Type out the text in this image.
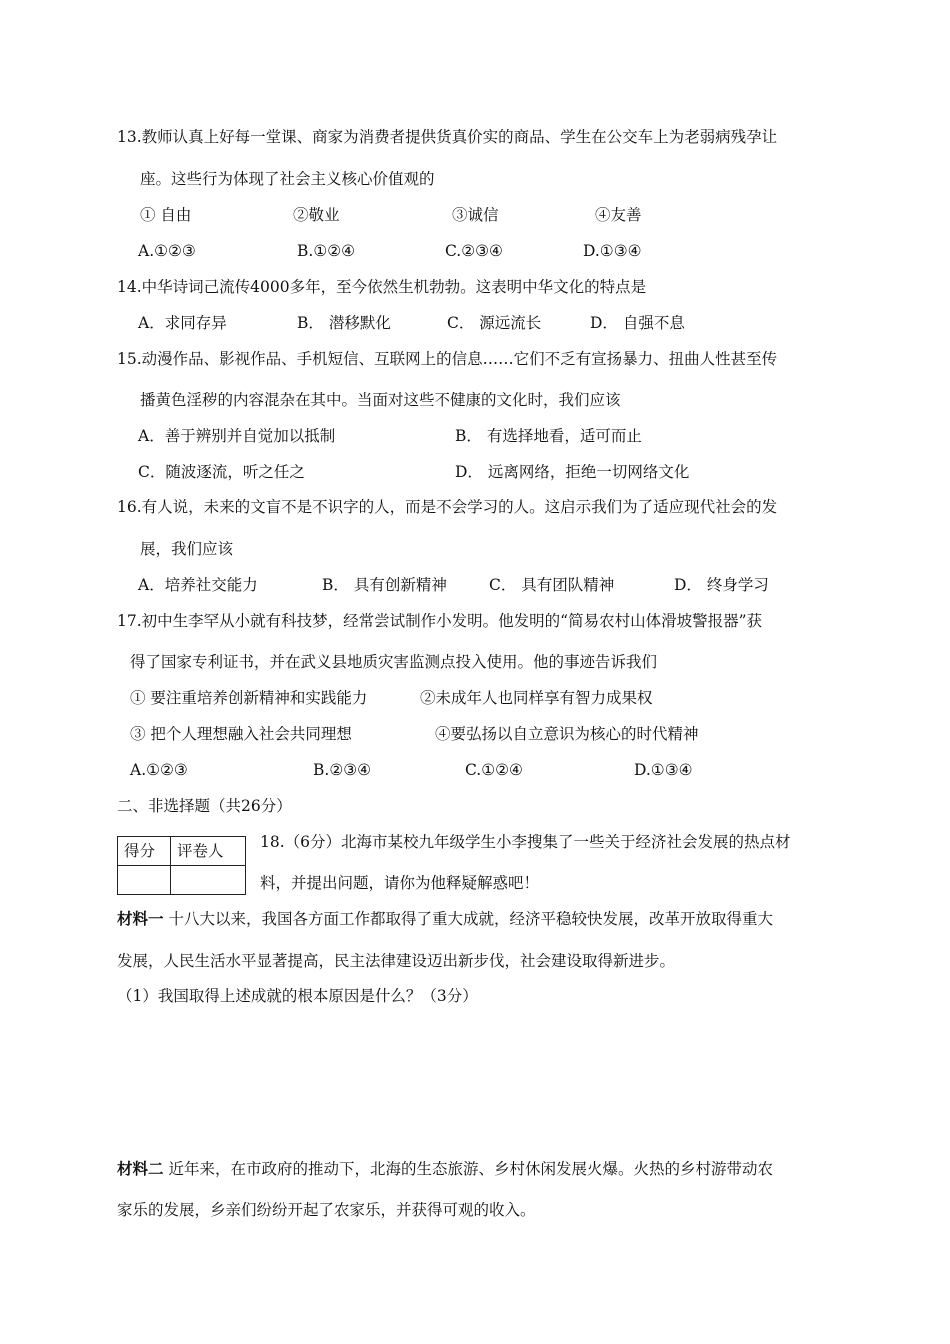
13.教师认真上好每一堂课、商家为消费者提供货真价实的商品、学生在公交车上为老弱病残孕让
座。这些行为体现了社会主义核心价值观的
① 自由	②敬业	③诚信	④友善
A.①②③	B.①②④	C.②③④	D.①③④
14.中华诗词己流传4000多年，至今依然生机勃勃。这表明中华文化的特点是
A．求同存异	B． 潜移默化	C． 源远流长	D． 自强不息
15.动漫作品、影视作品、手机短信、互联网上的信息……它们不乏有宣扬暴力、扭曲人性甚至传
播黄色淫秽的内容混杂在其中。当面对这些不健康的文化时，我们应该
A．善于辨别并自觉加以抵制	B． 有选择地看，适可而止
C．随波逐流，听之任之	D． 远离网络，拒绝一切网络文化
16.有人说，未来的文盲不是不识字的人，而是不会学习的人。这启示我们为了适应现代社会的发
展，我们应该
A．培养社交能力	B． 具有创新精神	C． 具有团队精神	D． 终身学习
17.初中生李罕从小就有科技梦，经常尝试制作小发明。他发明的“简易农村山体滑坡警报器”获
得了国家专利证书，并在武义县地质灾害监测点投入使用。他的事迹告诉我们
① 要注重培养创新精神和实践能力	②未成年人也同样享有智力成果权
③ 把个人理想融入社会共同理想	④要弘扬以自立意识为核心的时代精神
A.①②③	B.②③④	C.①②④	D.①③④
二、非选择题（共26分）
得分	评卷人
	18.（6分）北海市某校九年级学生小李搜集了一些关于经济社会发展的热点材
料，并提出问题，请你为他释疑解惑吧！
材料一 十八大以来，我国各方面工作都取得了重大成就，经济平稳较快发展，改革开放取得重大
发展，人民生活水平显著提高，民主法律建设迈出新步伐，社会建设取得新进步。
（1）我国取得上述成就的根本原因是什么？（3分）
材料二 近年来，在市政府的推动下，北海的生态旅游、乡村休闲发展火爆。火热的乡村游带动农
家乐的发展，乡亲们纷纷开起了农家乐，并获得可观的收入。
